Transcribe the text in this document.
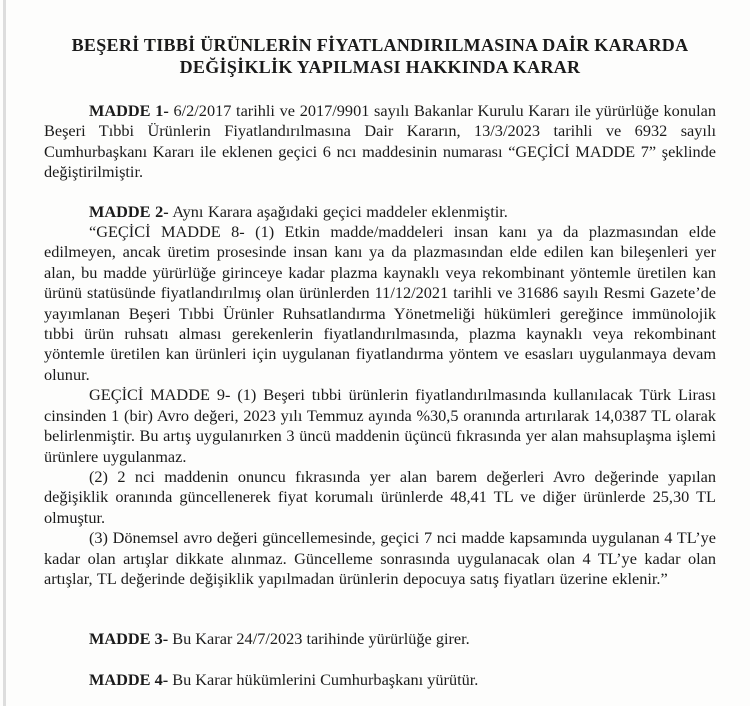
BEŞERİ TIBBİ ÜRÜNLERİN FİYATLANDIRILMASINA DAİR KARARDA
DEĞİŞİKLİK YAPILMASI HAKKINDA KARAR

MADDE 1- 6/2/2017 tarihli ve 2017/9901 sayılı Bakanlar Kurulu Kararı ile yürürlüğe konulan Beşeri Tıbbi Ürünlerin Fiyatlandırılmasına Dair Kararın, 13/3/2023 tarihli ve 6932 sayılı Cumhurbaşkanı Kararı ile eklenen geçici 6 ncı maddesinin numarası “GEÇİCİ MADDE 7” şeklinde değiştirilmiştir.

MADDE 2- Aynı Karara aşağıdaki geçici maddeler eklenmiştir.

“GEÇİCİ MADDE 8- (1) Etkin madde/maddeleri insan kanı ya da plazmasından elde edilmeyen, ancak üretim prosesinde insan kanı ya da plazmasından elde edilen kan bileşenleri yer alan, bu madde yürürlüğe girinceye kadar plazma kaynaklı veya rekombinant yöntemle üretilen kan ürünü statüsünde fiyatlandırılmış olan ürünlerden 11/12/2021 tarihli ve 31686 sayılı Resmi Gazete’de yayımlanan Beşeri Tıbbi Ürünler Ruhsatlandırma Yönetmeliği hükümleri gereğince immünolojik tıbbi ürün ruhsatı alması gerekenlerin fiyatlandırılmasında, plazma kaynaklı veya rekombinant yöntemle üretilen kan ürünleri için uygulanan fiyatlandırma yöntem ve esasları uygulanmaya devam olunur.

GEÇİCİ MADDE 9- (1) Beşeri tıbbi ürünlerin fiyatlandırılmasında kullanılacak Türk Lirası cinsinden 1 (bir) Avro değeri, 2023 yılı Temmuz ayında %30,5 oranında artırılarak 14,0387 TL olarak belirlenmiştir. Bu artış uygulanırken 3 üncü maddenin üçüncü fıkrasında yer alan mahsuplaşma işlemi ürünlere uygulanmaz.

(2) 2 nci maddenin onuncu fıkrasında yer alan barem değerleri Avro değerinde yapılan değişiklik oranında güncellenerek fiyat korumalı ürünlerde 48,41 TL ve diğer ürünlerde 25,30 TL olmuştur.

(3) Dönemsel avro değeri güncellemesinde, geçici 7 nci madde kapsamında uygulanan 4 TL’ye kadar olan artışlar dikkate alınmaz. Güncelleme sonrasında uygulanacak olan 4 TL’ye kadar olan artışlar, TL değerinde değişiklik yapılmadan ürünlerin depocuya satış fiyatları üzerine eklenir.”

MADDE 3- Bu Karar 24/7/2023 tarihinde yürürlüğe girer.

MADDE 4- Bu Karar hükümlerini Cumhurbaşkanı yürütür.
